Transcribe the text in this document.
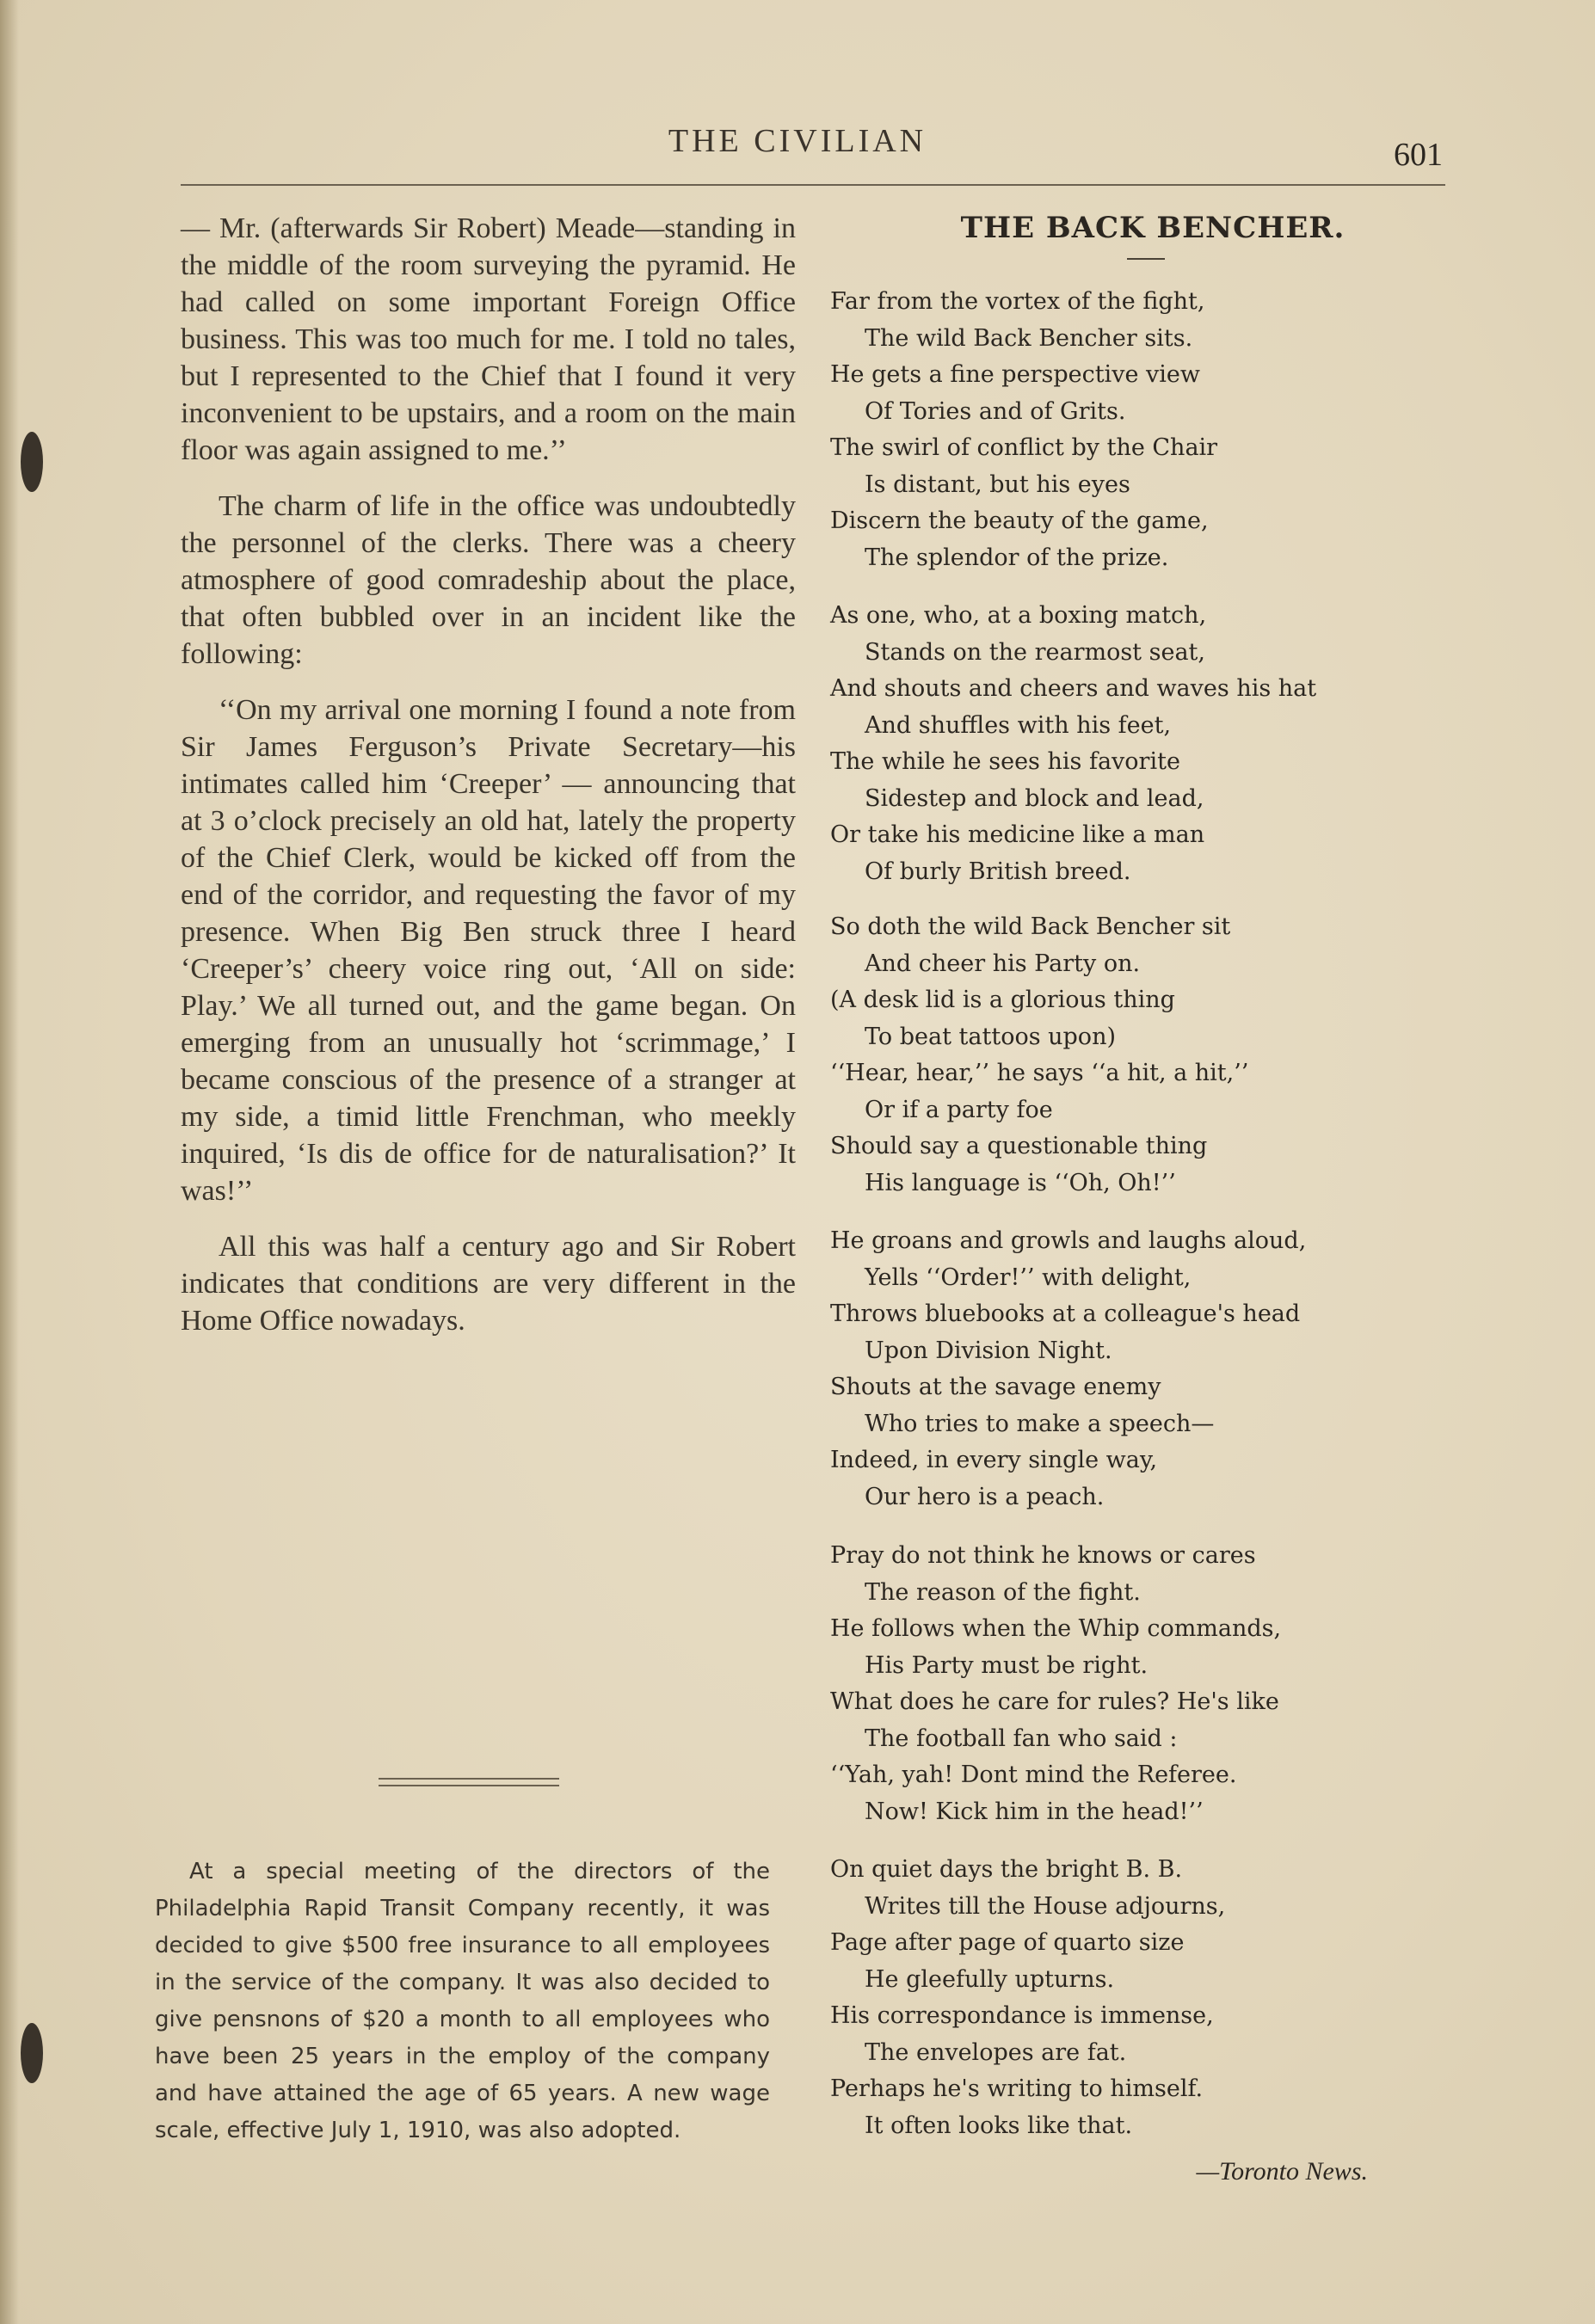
THE CIVILIAN	601

— Mr. (afterwards Sir Robert) Meade—standing in the middle of the room surveying the pyramid. He had called on some important Foreign Office business. This was too much for me. I told no tales, but I represented to the Chief that I found it very inconvenient to be upstairs, and a room on the main floor was again assigned to me.’’

The charm of life in the office was undoubtedly the personnel of the clerks. There was a cheery atmosphere of good comradeship about the place, that often bubbled over in an incident like the following:

‘‘On my arrival one morning I found a note from Sir James Ferguson’s Private Secretary—his intimates called him ‘Creeper’ — announcing that at 3 o’clock precisely an old hat, lately the property of the Chief Clerk, would be kicked off from the end of the corridor, and requesting the favor of my presence. When Big Ben struck three I heard ‘Creeper’s’ cheery voice ring out, ‘All on side: Play.’ We all turned out, and the game began. On emerging from an unusually hot ‘scrimmage,’ I became conscious of the presence of a stranger at my side, a timid little Frenchman, who meekly inquired, ‘Is dis de office for de naturalisation?’ It was!’’

All this was half a century ago and Sir Robert indicates that conditions are very different in the Home Office nowadays.

At a special meeting of the directors of the Philadelphia Rapid Transit Company recently, it was decided to give $500 free insurance to all employees in the service of the company. It was also decided to give pensnons of $20 a month to all employees who have been 25 years in the employ of the company and have attained the age of 65 years. A new wage scale, effective July 1, 1910, was also adopted.

THE BACK BENCHER.
Far from the vortex of the fight,
The wild Back Bencher sits.
He gets a fine perspective view
Of Tories and of Grits.
The swirl of conflict by the Chair
Is distant, but his eyes
Discern the beauty of the game,
The splendor of the prize.
As one, who, at a boxing match,
Stands on the rearmost seat,
And shouts and cheers and waves his hat
And shuffles with his feet,
The while he sees his favorite
Sidestep and block and lead,
Or take his medicine like a man
Of burly British breed.
So doth the wild Back Bencher sit
And cheer his Party on.
(A desk lid is a glorious thing
To beat tattoos upon)
‘‘Hear, hear,’’ he says ‘‘a hit, a hit,’’
Or if a party foe
Should say a questionable thing
His language is ‘‘Oh, Oh!’’
He groans and growls and laughs aloud,
Yells ‘‘Order!’’ with delight,
Throws bluebooks at a colleague's head
Upon Division Night.
Shouts at the savage enemy
Who tries to make a speech—
Indeed, in every single way,
Our hero is a peach.
Pray do not think he knows or cares
The reason of the fight.
He follows when the Whip commands,
His Party must be right.
What does he care for rules? He's like
The football fan who said :
‘‘Yah, yah! Dont mind the Referee.
Now! Kick him in the head!’’
On quiet days the bright B. B.
Writes till the House adjourns,
Page after page of quarto size
He gleefully upturns.
His correspondance is immense,
The envelopes are fat.
Perhaps he's writing to himself.
It often looks like that.
—Toronto News.
